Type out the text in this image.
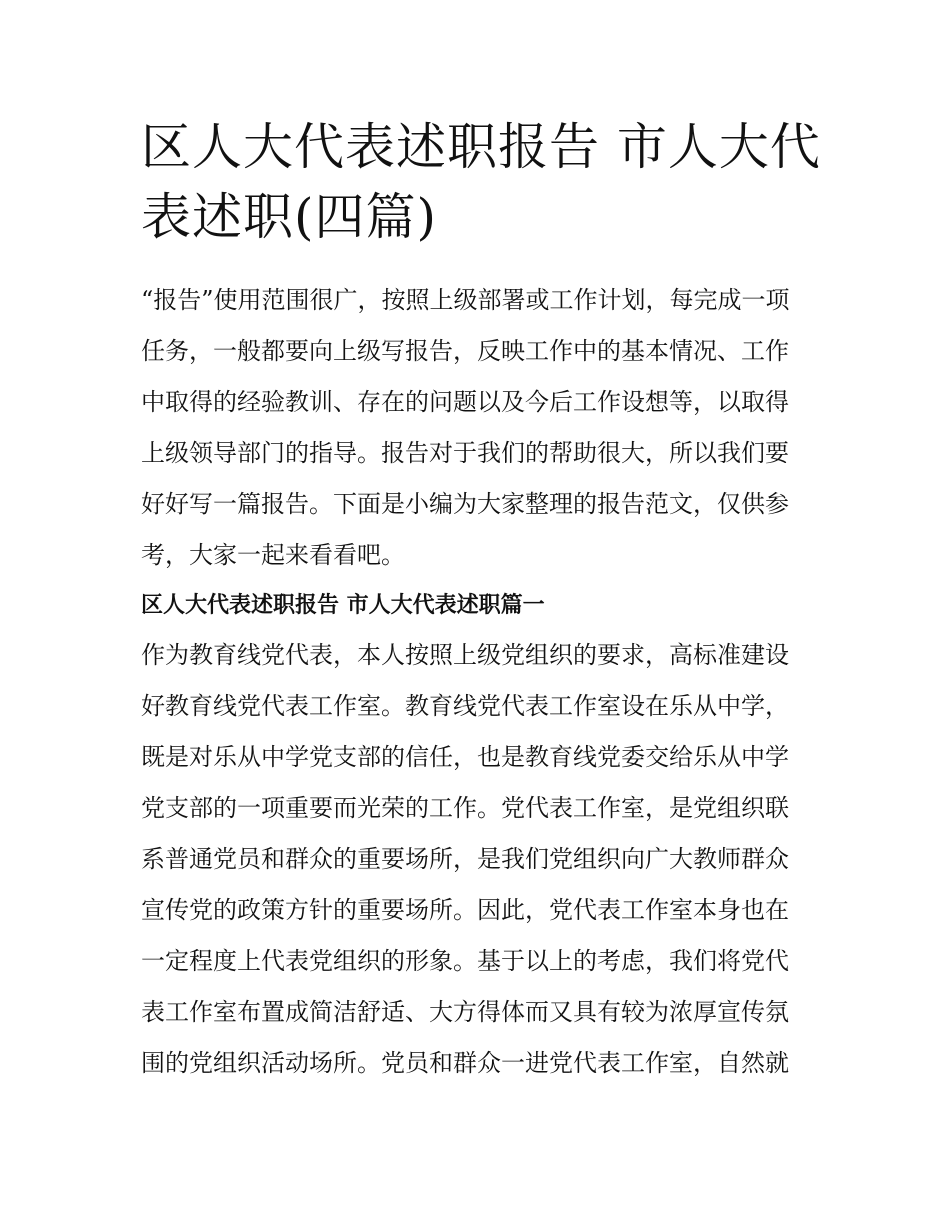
区人大代表述职报告 市人大代
表述职(四篇)

“报告”使用范围很广，按照上级部署或工作计划，每完成一项
任务，一般都要向上级写报告，反映工作中的基本情况、工作
中取得的经验教训、存在的问题以及今后工作设想等，以取得
上级领导部门的指导。报告对于我们的帮助很大，所以我们要
好好写一篇报告。下面是小编为大家整理的报告范文，仅供参
考，大家一起来看看吧。

区人大代表述职报告 市人大代表述职篇一

作为教育线党代表，本人按照上级党组织的要求，高标准建设
好教育线党代表工作室。教育线党代表工作室设在乐从中学，
既是对乐从中学党支部的信任，也是教育线党委交给乐从中学
党支部的一项重要而光荣的工作。党代表工作室，是党组织联
系普通党员和群众的重要场所，是我们党组织向广大教师群众
宣传党的政策方针的重要场所。因此，党代表工作室本身也在
一定程度上代表党组织的形象。基于以上的考虑，我们将党代
表工作室布置成简洁舒适、大方得体而又具有较为浓厚宣传氛
围的党组织活动场所。党员和群众一进党代表工作室，自然就
